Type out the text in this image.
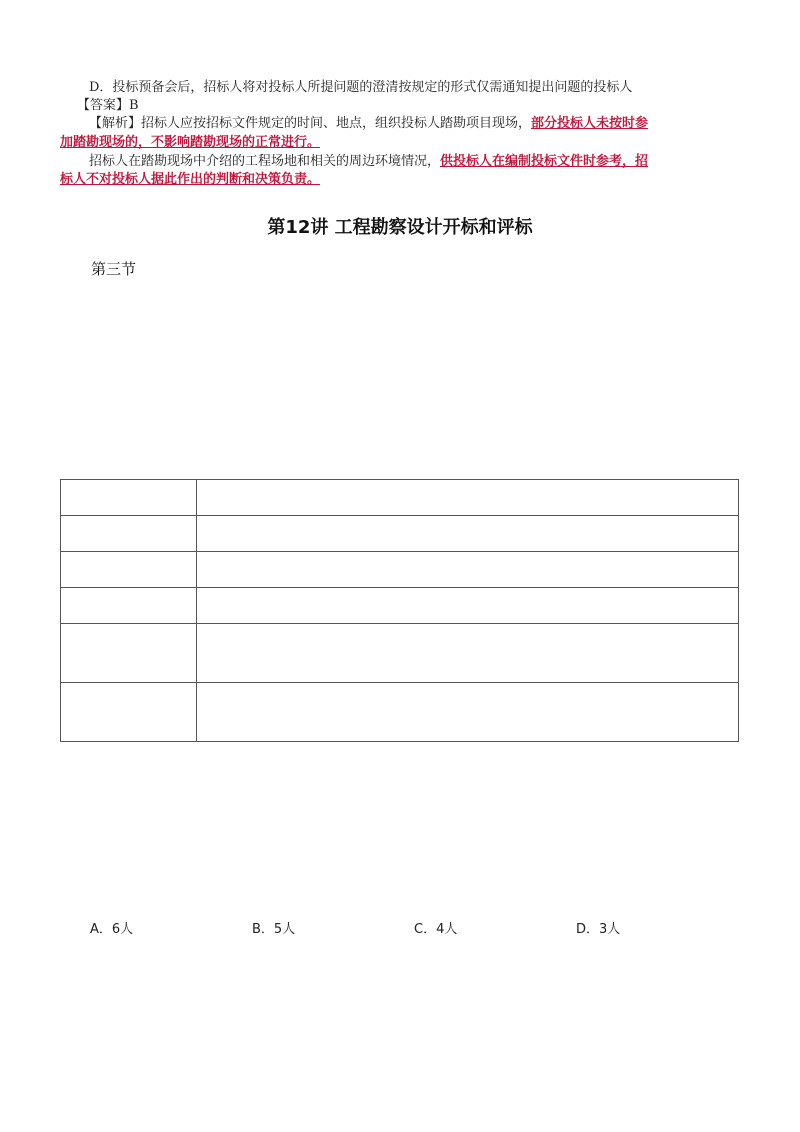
D．投标预备会后，招标人将对投标人所提问题的澄清按规定的形式仅需通知提出问题的投标人
【答案】B
【解析】招标人应按招标文件规定的时间、地点，组织投标人踏勘项目现场，部分投标人未按时参
加踏勘现场的，不影响踏勘现场的正常进行。
招标人在踏勘现场中介绍的工程场地和相关的周边环境情况，供投标人在编制投标文件时参考，招
标人不对投标人据此作出的判断和决策负责。
第12讲 工程勘察设计开标和评标
第三节

A．6人	B．5人	C．4人	D．3人
